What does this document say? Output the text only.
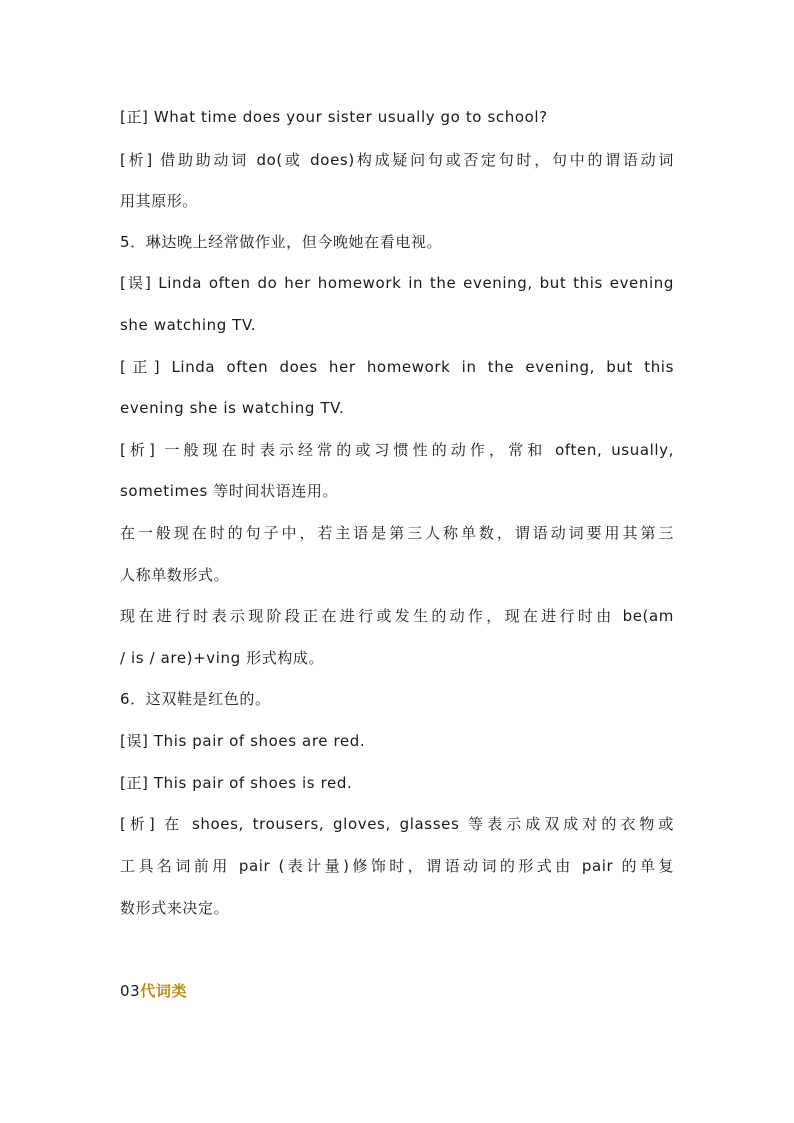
[正] What time does your sister usually go to school?
[析] 借助助动词 do(或 does)构成疑问句或否定句时，句中的谓语动词
用其原形。
5．琳达晚上经常做作业，但今晚她在看电视。
[误] Linda often do her homework in the evening, but this evening
she watching TV.
[正] Linda often does her homework in the evening, but this
evening she is watching TV.
[析] 一般现在时表示经常的或习惯性的动作，常和 often, usually,
sometimes 等时间状语连用。
在一般现在时的句子中，若主语是第三人称单数，谓语动词要用其第三
人称单数形式。
现在进行时表示现阶段正在进行或发生的动作，现在进行时由 be(am
/ is / are)+ving 形式构成。
6．这双鞋是红色的。
[误] This pair of shoes are red.
[正] This pair of shoes is red.
[析] 在 shoes, trousers, gloves, glasses 等表示成双成对的衣物或
工具名词前用 pair (表计量)修饰时，谓语动词的形式由 pair 的单复
数形式来决定。
03代词类
